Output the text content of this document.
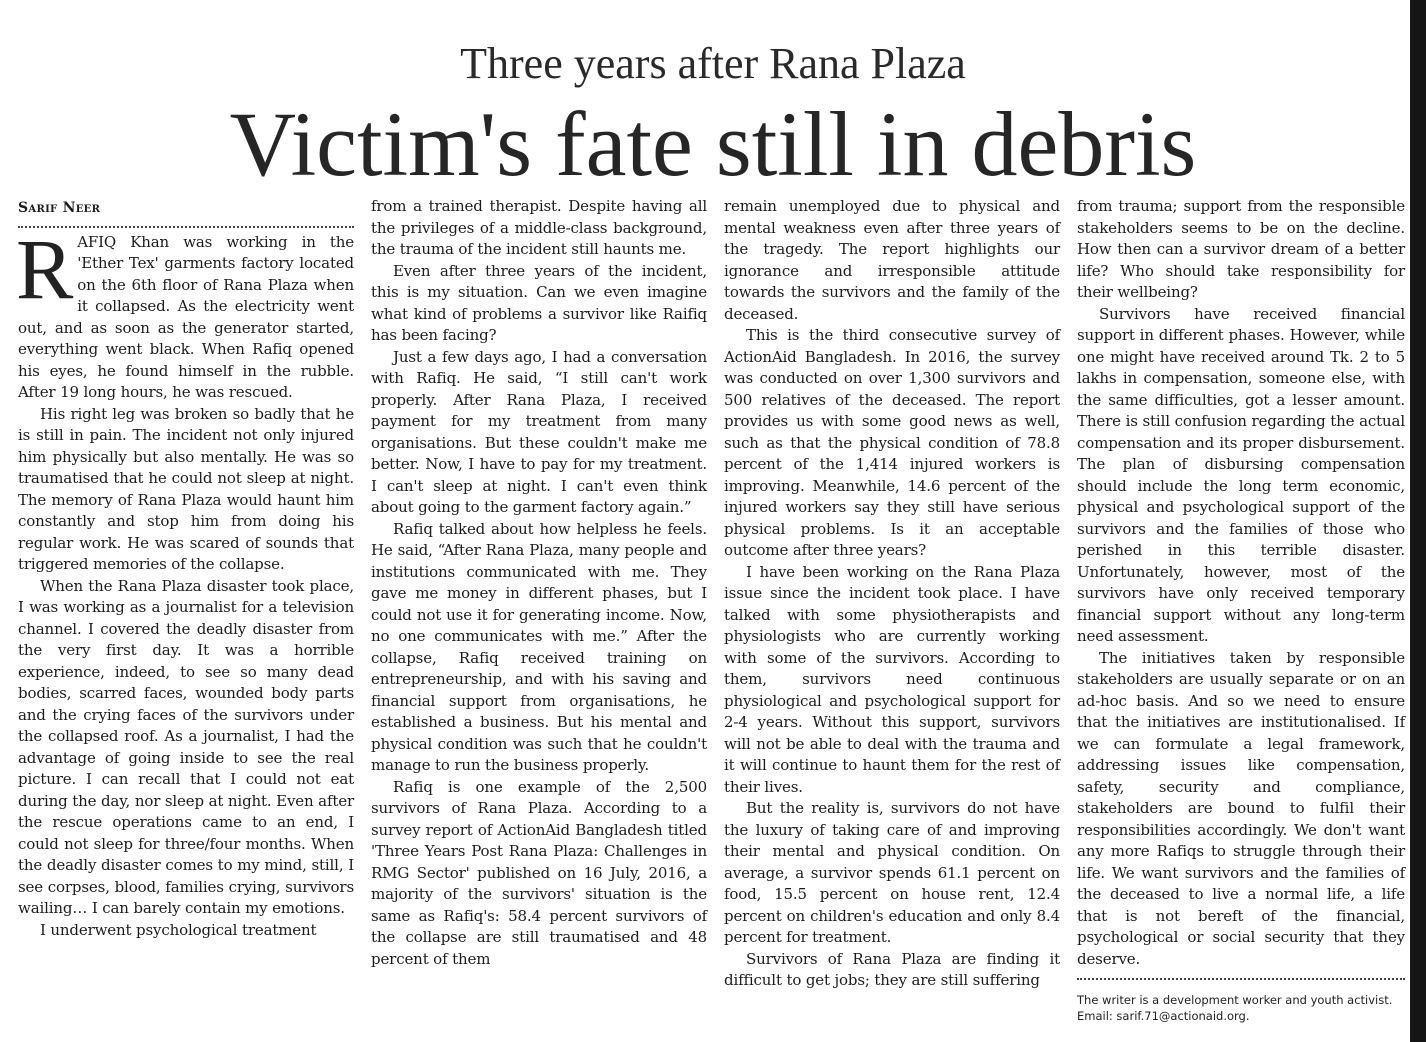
Three years after Rana Plaza
Victim's fate still in debris
Sarif Neer

RAFIQ Khan was working in the 'Ether Tex' garments factory located on the 6th floor of Rana Plaza when it collapsed. As the electricity went out, and as soon as the generator started, everything went black. When Rafiq opened his eyes, he found himself in the rubble. After 19 long hours, he was rescued.

His right leg was broken so badly that he is still in pain. The incident not only injured him physically but also mentally. He was so traumatised that he could not sleep at night. The memory of Rana Plaza would haunt him constantly and stop him from doing his regular work. He was scared of sounds that triggered memories of the collapse.

When the Rana Plaza disaster took place, I was working as a journalist for a television channel. I covered the deadly disaster from the very first day. It was a horrible experience, indeed, to see so many dead bodies, scarred faces, wounded body parts and the crying faces of the survivors under the collapsed roof. As a journalist, I had the advantage of going inside to see the real picture. I can recall that I could not eat during the day, nor sleep at night. Even after the rescue operations came to an end, I could not sleep for three/four months. When the deadly disaster comes to my mind, still, I see corpses, blood, families crying, survivors wailing… I can barely contain my emotions.

I underwent psychological treatment

from a trained therapist. Despite having all the privileges of a middle-class background, the trauma of the incident still haunts me.

Even after three years of the incident, this is my situation. Can we even imagine what kind of problems a survivor like Raifiq has been facing?

Just a few days ago, I had a conversation with Rafiq. He said, “I still can't work properly. After Rana Plaza, I received payment for my treatment from many organisations. But these couldn't make me better. Now, I have to pay for my treatment. I can't sleep at night. I can't even think about going to the garment factory again.”

Rafiq talked about how helpless he feels. He said, “After Rana Plaza, many people and institutions communicated with me. They gave me money in different phases, but I could not use it for generating income. Now, no one communicates with me.” After the collapse, Rafiq received training on entrepreneurship, and with his saving and financial support from organisations, he established a business. But his mental and physical condition was such that he couldn't manage to run the business properly.

Rafiq is one example of the 2,500 survivors of Rana Plaza. According to a survey report of ActionAid Bangladesh titled 'Three Years Post Rana Plaza: Challenges in RMG Sector' published on 16 July, 2016, a majority of the survivors' situation is the same as Rafiq's: 58.4 percent survivors of the collapse are still traumatised and 48 percent of them

remain unemployed due to physical and mental weakness even after three years of the tragedy. The report highlights our ignorance and irresponsible attitude towards the survivors and the family of the deceased.

This is the third consecutive survey of ActionAid Bangladesh. In 2016, the survey was conducted on over 1,300 survivors and 500 relatives of the deceased. The report provides us with some good news as well, such as that the physical condition of 78.8 percent of the 1,414 injured workers is improving. Meanwhile, 14.6 percent of the injured workers say they still have serious physical problems. Is it an acceptable outcome after three years?

I have been working on the Rana Plaza issue since the incident took place. I have talked with some physiotherapists and physiologists who are currently working with some of the survivors. According to them, survivors need continuous physiological and psychological support for 2-4 years. Without this support, survivors will not be able to deal with the trauma and it will continue to haunt them for the rest of their lives.

But the reality is, survivors do not have the luxury of taking care of and improving their mental and physical condition. On average, a survivor spends 61.1 percent on food, 15.5 percent on house rent, 12.4 percent on children's education and only 8.4 percent for treatment.

Survivors of Rana Plaza are finding it difficult to get jobs; they are still suffering

from trauma; support from the responsible stakeholders seems to be on the decline. How then can a survivor dream of a better life? Who should take responsibility for their wellbeing?

Survivors have received financial support in different phases. However, while one might have received around Tk. 2 to 5 lakhs in compensation, someone else, with the same difficulties, got a lesser amount. There is still confusion regarding the actual compensation and its proper disbursement. The plan of disbursing compensation should include the long term economic, physical and psychological support of the survivors and the families of those who perished in this terrible disaster. Unfortunately, however, most of the survivors have only received temporary financial support without any long-term need assessment.

The initiatives taken by responsible stakeholders are usually separate or on an ad-hoc basis. And so we need to ensure that the initiatives are institutionalised. If we can formulate a legal framework, addressing issues like compensation, safety, security and compliance, stakeholders are bound to fulfil their responsibilities accordingly. We don't want any more Rafiqs to struggle through their life. We want survivors and the families of the deceased to live a normal life, a life that is not bereft of the financial, psychological or social security that they deserve.

The writer is a development worker and youth activist. Email: sarif.71@actionaid.org.
